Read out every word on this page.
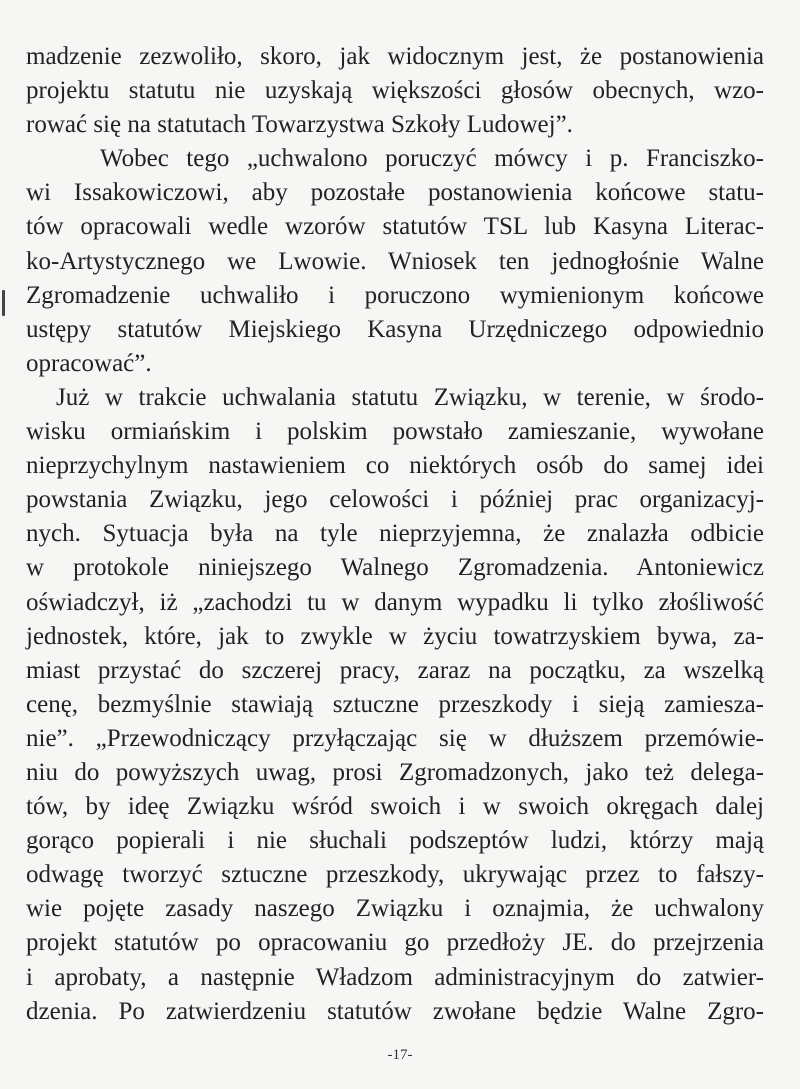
madzenie zezwoliło, skoro, jak widocznym jest, że postanowienia
projektu statutu nie uzyskają większości głosów obecnych, wzo-
rować się na statutach Towarzystwa Szkoły Ludowej”.
Wobec tego „uchwalono poruczyć mówcy i p. Franciszko-
wi Issakowiczowi, aby pozostałe postanowienia końcowe statu-
tów opracowali wedle wzorów statutów TSL lub Kasyna Literac-
ko-Artystycznego we Lwowie. Wniosek ten jednogłośnie Walne
Zgromadzenie uchwaliło i poruczono wymienionym końcowe
ustępy statutów Miejskiego Kasyna Urzędniczego odpowiednio
opracować”.
Już w trakcie uchwalania statutu Związku, w terenie, w środo-
wisku ormiańskim i polskim powstało zamieszanie, wywołane
nieprzychylnym nastawieniem co niektórych osób do samej idei
powstania Związku, jego celowości i później prac organizacyj-
nych. Sytuacja była na tyle nieprzyjemna, że znalazła odbicie
w protokole niniejszego Walnego Zgromadzenia. Antoniewicz
oświadczył, iż „zachodzi tu w danym wypadku li tylko złośliwość
jednostek, które, jak to zwykle w życiu towatrzyskiem bywa, za-
miast przystać do szczerej pracy, zaraz na początku, za wszelką
cenę, bezmyślnie stawiają sztuczne przeszkody i sieją zamiesza-
nie”. „Przewodniczący przyłączając się w dłuższem przemówie-
niu do powyższych uwag, prosi Zgromadzonych, jako też delega-
tów, by ideę Związku wśród swoich i w swoich okręgach dalej
gorąco popierali i nie słuchali podszeptów ludzi, którzy mają
odwagę tworzyć sztuczne przeszkody, ukrywając przez to fałszy-
wie pojęte zasady naszego Związku i oznajmia, że uchwalony
projekt statutów po opracowaniu go przedłoży JE. do przejrzenia
i aprobaty, a następnie Władzom administracyjnym do zatwier-
dzenia. Po zatwierdzeniu statutów zwołane będzie Walne Zgro-
-17-
